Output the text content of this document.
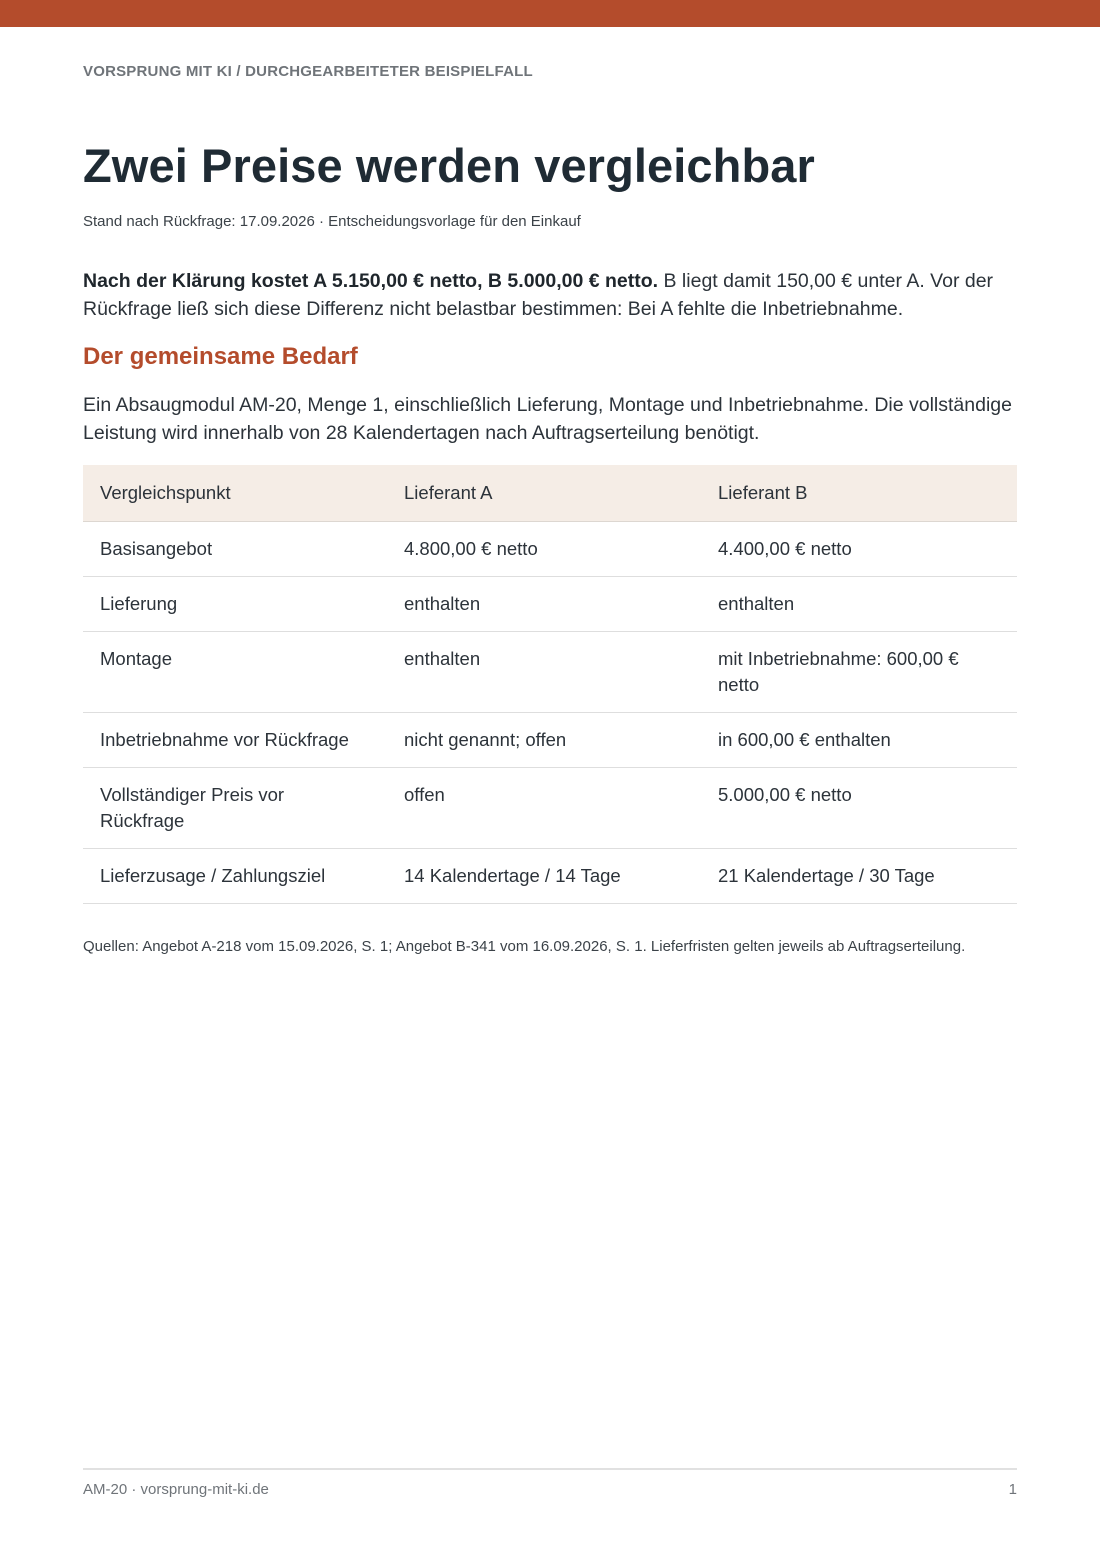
VORSPRUNG MIT KI / DURCHGEARBEITETER BEISPIELFALL
Zwei Preise werden vergleichbar
Stand nach Rückfrage: 17.09.2026 · Entscheidungsvorlage für den Einkauf

Nach der Klärung kostet A 5.150,00 € netto, B 5.000,00 € netto. B liegt damit 150,00 € unter A. Vor der Rückfrage ließ sich diese Differenz nicht belastbar bestimmen: Bei A fehlte die Inbetriebnahme.

Der gemeinsame Bedarf

Ein Absaugmodul AM-20, Menge 1, einschließlich Lieferung, Montage und Inbetriebnahme. Die vollständige Leistung wird innerhalb von 28 Kalendertagen nach Auftragserteilung benötigt.

Vergleichspunkt	Lieferant A	Lieferant B
Basisangebot	4.800,00 € netto	4.400,00 € netto
Lieferung	enthalten	enthalten
Montage	enthalten	mit Inbetriebnahme: 600,00 € netto
Inbetriebnahme vor Rückfrage	nicht genannt; offen	in 600,00 € enthalten
Vollständiger Preis vor Rückfrage	offen	5.000,00 € netto
Lieferzusage / Zahlungsziel	14 Kalendertage / 14 Tage	21 Kalendertage / 30 Tage
Quellen: Angebot A-218 vom 15.09.2026, S. 1; Angebot B-341 vom 16.09.2026, S. 1. Lieferfristen gelten jeweils ab Auftragserteilung.
AM-20 · vorsprung-mit-ki.de	1
